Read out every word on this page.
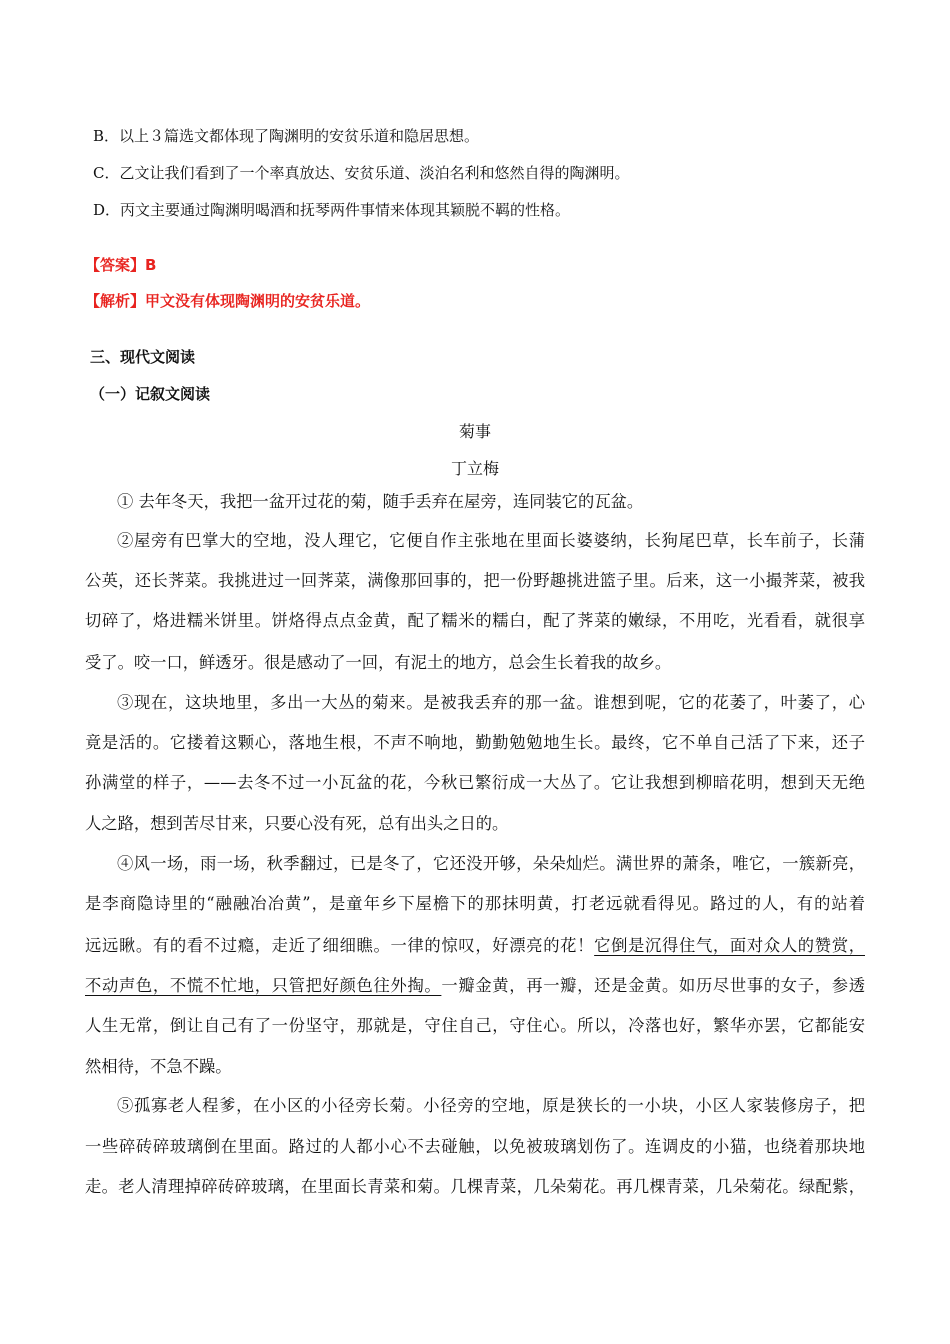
B．以上３篇选文都体现了陶渊明的安贫乐道和隐居思想。
C．乙文让我们看到了一个率真放达、安贫乐道、淡泊名利和悠然自得的陶渊明。
D．丙文主要通过陶渊明喝酒和抚琴两件事情来体现其颖脱不羁的性格。
【答案】B
【解析】甲文没有体现陶渊明的安贫乐道。
三、现代文阅读
（一）记叙文阅读
菊事
丁立梅
① 去年冬天，我把一盆开过花的菊，随手丢弃在屋旁，连同装它的瓦盆。
②屋旁有巴掌大的空地，没人理它，它便自作主张地在里面长婆婆纳，长狗尾巴草，长车前子，长蒲
公英，还长荠菜。我挑进过一回荠菜，满像那回事的，把一份野趣挑进篮子里。后来，这一小撮荠菜，被我
切碎了，烙进糯米饼里。饼烙得点点金黄，配了糯米的糯白，配了荠菜的嫩绿，不用吃，光看看，就很享
受了。咬一口，鲜透牙。很是感动了一回，有泥土的地方，总会生长着我的故乡。
③现在，这块地里，多出一大丛的菊来。是被我丢弃的那一盆。谁想到呢，它的花萎了，叶萎了，心
竟是活的。它搂着这颗心，落地生根，不声不响地，勤勤勉勉地生长。最终，它不单自己活了下来，还子
孙满堂的样子，——去冬不过一小瓦盆的花，今秋已繁衍成一大丛了。它让我想到柳暗花明，想到天无绝
人之路，想到苦尽甘来，只要心没有死，总有出头之日的。
④风一场，雨一场，秋季翻过，已是冬了，它还没开够，朵朵灿烂。满世界的萧条，唯它，一簇新亮，
是李商隐诗里的“融融冶冶黄”，是童年乡下屋檐下的那抹明黄，打老远就看得见。路过的人，有的站着
远远瞅。有的看不过瘾，走近了细细瞧。一律的惊叹，好漂亮的花！它倒是沉得住气，面对众人的赞赏，
不动声色，不慌不忙地，只管把好颜色往外掏。一瓣金黄，再一瓣，还是金黄。如历尽世事的女子，参透
人生无常，倒让自己有了一份坚守，那就是，守住自己，守住心。所以，冷落也好，繁华亦罢，它都能安
然相待，不急不躁。
⑤孤寡老人程爹，在小区的小径旁长菊。小径旁的空地，原是狭长的一小块，小区人家装修房子，把
一些碎砖碎玻璃倒在里面。路过的人都小心不去碰触，以免被玻璃划伤了。连调皮的小猫，也绕着那块地
走。老人清理掉碎砖碎玻璃，在里面长青菜和菊。几棵青菜，几朵菊花。再几棵青菜，几朵菊花。绿配紫，
